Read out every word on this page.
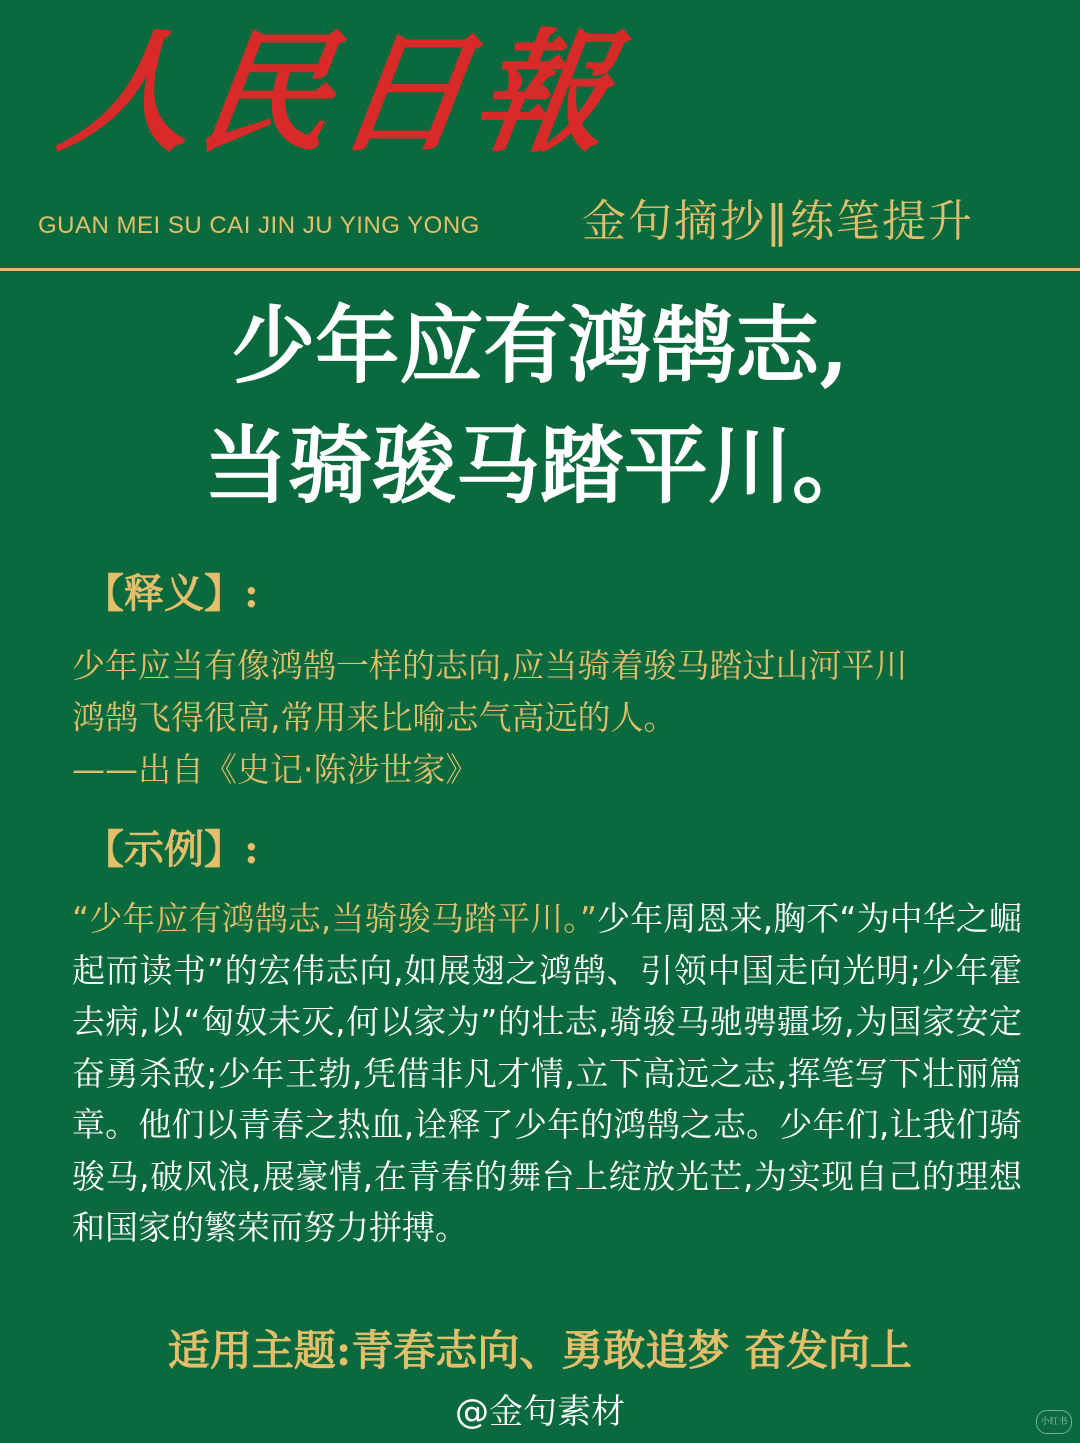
人民日報
GUAN MEI SU CAI JIN JU YING YONG 金句摘抄‖练笔提升
少年应有鸿鹄志,
当骑骏马踏平川。
【释义】:
少年应当有像鸿鹄一样的志向,应当骑着骏马踏过山河平川
鸿鹄飞得很高,常用来比喻志气高远的人。
——出自《史记·陈涉世家》
【示例】:
“少年应有鸿鹄志,当骑骏马踏平川。”少年周恩来,胸不“为中华之崛起而读书”的宏伟志向,如展翅之鸿鹄、引领中国走向光明;少年霍去病,以“匈奴未灭,何以家为”的壮志,骑骏马驰骋疆场,为国家安定奋勇杀敌;少年王勃,凭借非凡才情,立下高远之志,挥笔写下壮丽篇章。他们以青春之热血,诠释了少年的鸿鹄之志。少年们,让我们骑骏马,破风浪,展豪情,在青春的舞台上绽放光芒,为实现自己的理想和国家的繁荣而努力拼搏。
适用主题:青春志向、勇敢追梦 奋发向上
@金句素材	小红书
